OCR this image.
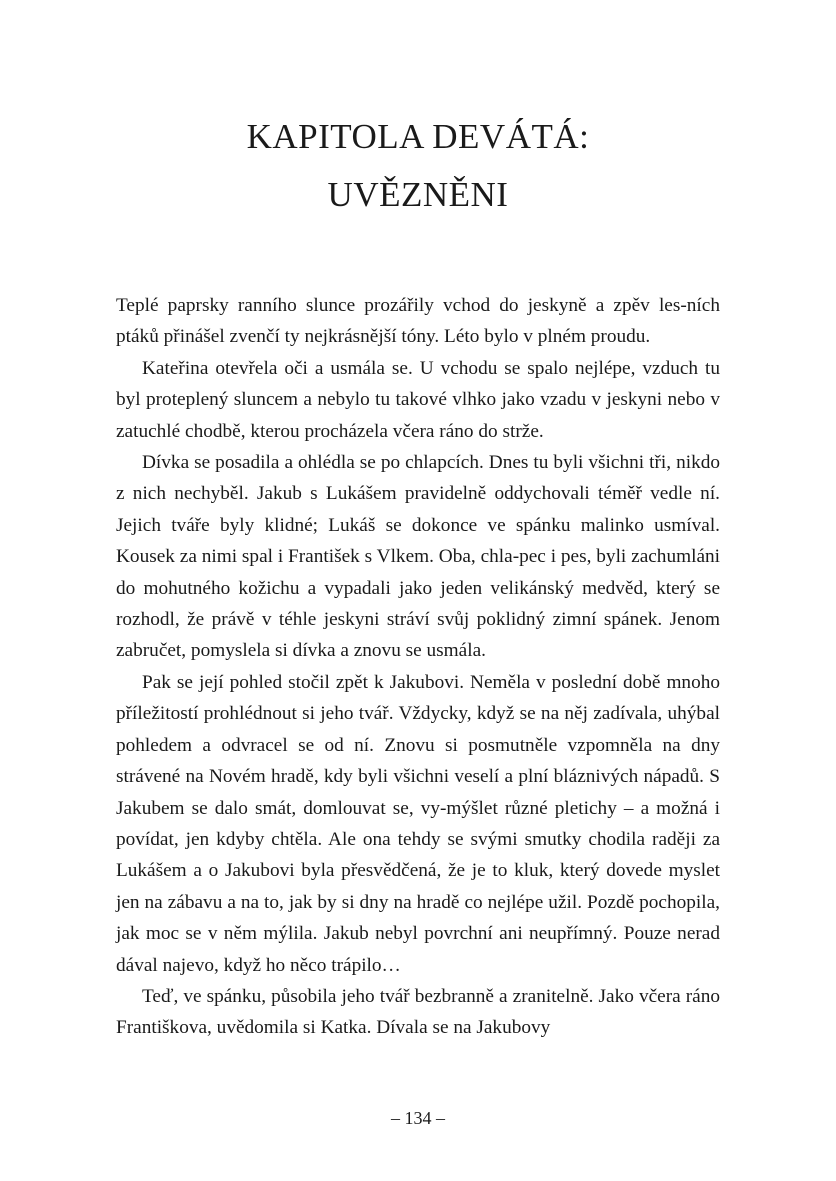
KAPITOLA DEVÁTÁ:
UVĚZNĚNI

Teplé paprsky ranního slunce prozářily vchod do jeskyně a zpěv les-ních ptáků přinášel zvenčí ty nejkrásnější tóny. Léto bylo v plném proudu.

Kateřina otevřela oči a usmála se. U vchodu se spalo nejlépe, vzduch tu byl proteplený sluncem a nebylo tu takové vlhko jako vzadu v jeskyni nebo v zatuchlé chodbě, kterou procházela včera ráno do strže.

Dívka se posadila a ohlédla se po chlapcích. Dnes tu byli všichni tři, nikdo z nich nechyběl. Jakub s Lukášem pravidelně oddychovali téměř vedle ní. Jejich tváře byly klidné; Lukáš se dokonce ve spánku malinko usmíval. Kousek za nimi spal i František s Vlkem. Oba, chla-pec i pes, byli zachumláni do mohutného kožichu a vypadali jako jeden velikánský medvěd, který se rozhodl, že právě v téhle jeskyni stráví svůj poklidný zimní spánek. Jenom zabručet, pomyslela si dívka a znovu se usmála.

Pak se její pohled stočil zpět k Jakubovi. Neměla v poslední době mnoho příležitostí prohlédnout si jeho tvář. Vždycky, když se na něj zadívala, uhýbal pohledem a odvracel se od ní. Znovu si posmutněle vzpomněla na dny strávené na Novém hradě, kdy byli všichni veselí a plní bláznivých nápadů. S Jakubem se dalo smát, domlouvat se, vy-mýšlet různé pletichy – a možná i povídat, jen kdyby chtěla. Ale ona tehdy se svými smutky chodila raději za Lukášem a o Jakubovi byla přesvědčená, že je to kluk, který dovede myslet jen na zábavu a na to, jak by si dny na hradě co nejlépe užil. Pozdě pochopila, jak moc se v něm mýlila. Jakub nebyl povrchní ani neupřímný. Pouze nerad dával najevo, když ho něco trápilo…

Teď, ve spánku, působila jeho tvář bezbranně a zranitelně. Jako včera ráno Františkova, uvědomila si Katka. Dívala se na Jakubovy

– 134 –
